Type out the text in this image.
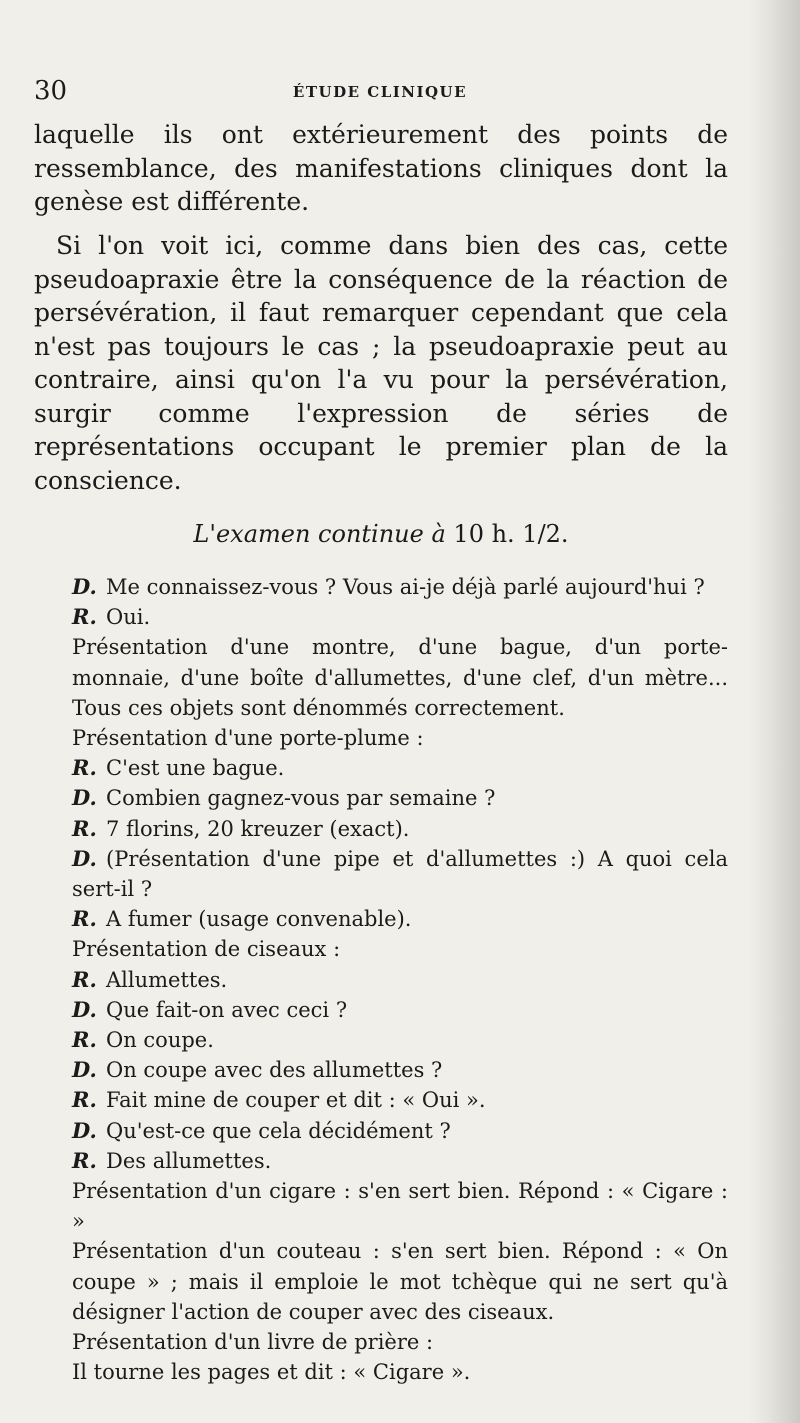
30	ÉTUDE CLINIQUE

laquelle ils ont extérieurement des points de ressemblance, des manifestations cliniques dont la genèse est différente.

Si l'on voit ici, comme dans bien des cas, cette pseudoapraxie être la conséquence de la réaction de persévération, il faut remarquer cependant que cela n'est pas toujours le cas ; la pseudoapraxie peut au contraire, ainsi qu'on l'a vu pour la persévération, surgir comme l'expression de séries de représentations occupant le premier plan de la conscience.

L'examen continue à 10 h. 1/2.

D. Me connaissez-vous ? Vous ai-je déjà parlé aujourd'hui ?

R. Oui.

Présentation d'une montre, d'une bague, d'un porte-monnaie, d'une boîte d'allumettes, d'une clef, d'un mètre... Tous ces objets sont dénommés correctement.

Présentation d'une porte-plume :

R. C'est une bague.

D. Combien gagnez-vous par semaine ?

R. 7 florins, 20 kreuzer (exact).

D. (Présentation d'une pipe et d'allumettes :) A quoi cela sert-il ?

R. A fumer (usage convenable).

Présentation de ciseaux :

R. Allumettes.

D. Que fait-on avec ceci ?

R. On coupe.

D. On coupe avec des allumettes ?

R. Fait mine de couper et dit : « Oui ».

D. Qu'est-ce que cela décidément ?

R. Des allumettes.

Présentation d'un cigare : s'en sert bien. Répond : « Cigare : »

Présentation d'un couteau : s'en sert bien. Répond : « On coupe » ; mais il emploie le mot tchèque qui ne sert qu'à désigner l'action de couper avec des ciseaux.

Présentation d'un livre de prière :

Il tourne les pages et dit : « Cigare ».
